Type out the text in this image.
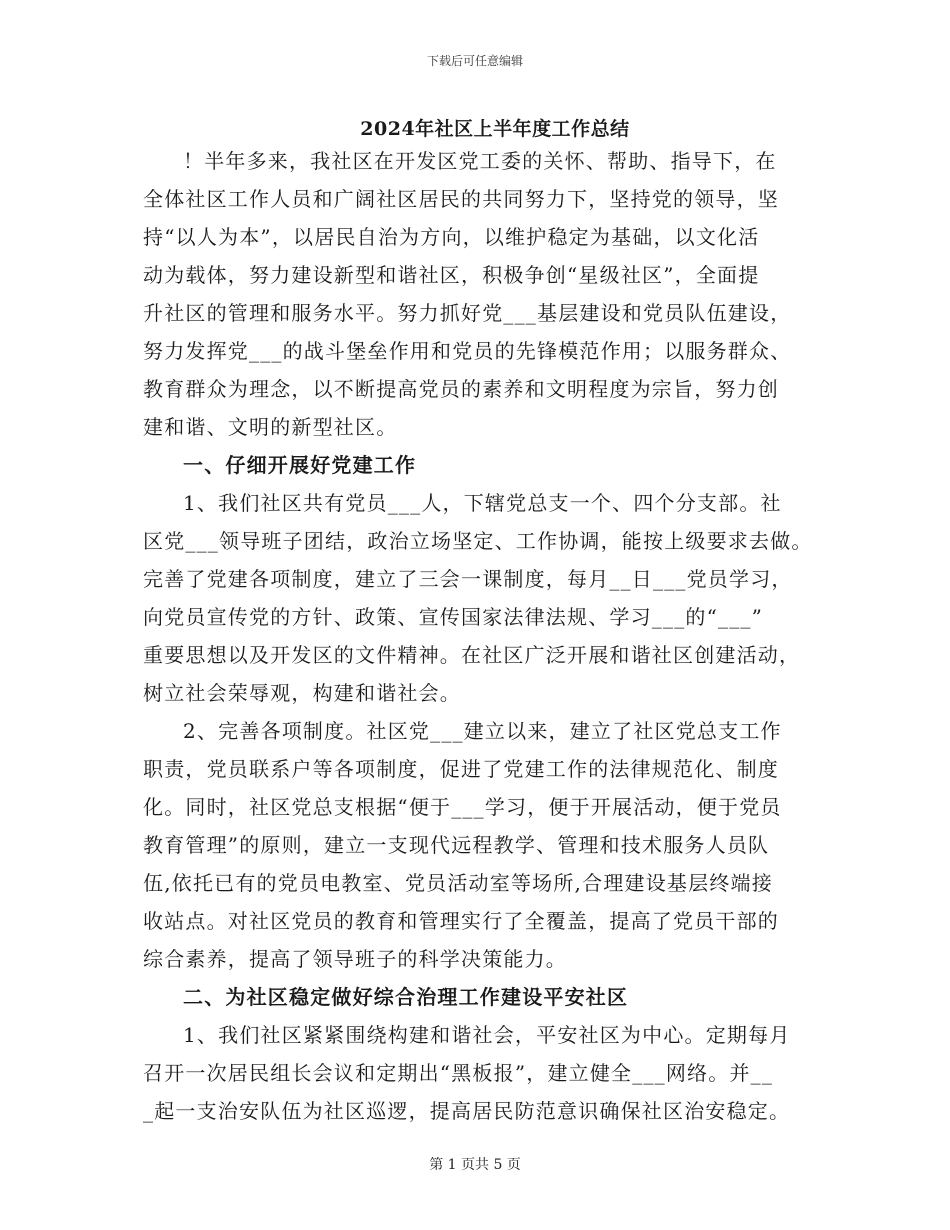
下载后可任意编辑
2024年社区上半年度工作总结
！半年多来，我社区在开发区党工委的关怀、帮助、指导下，在
全体社区工作人员和广阔社区居民的共同努力下，坚持党的领导，坚
持“以人为本”，以居民自治为方向，以维护稳定为基础，以文化活
动为载体，努力建设新型和谐社区，积极争创“星级社区”，全面提
升社区的管理和服务水平。努力抓好党___基层建设和党员队伍建设，
努力发挥党___的战斗堡垒作用和党员的先锋模范作用；以服务群众、
教育群众为理念，以不断提高党员的素养和文明程度为宗旨，努力创
建和谐、文明的新型社区。
一、仔细开展好党建工作
1、我们社区共有党员___人，下辖党总支一个、四个分支部。社
区党___领导班子团结，政治立场坚定、工作协调，能按上级要求去做。
完善了党建各项制度，建立了三会一课制度，每月__日___党员学习，
向党员宣传党的方针、政策、宣传国家法律法规、学习___的“___”
重要思想以及开发区的文件精神。在社区广泛开展和谐社区创建活动，
树立社会荣辱观，构建和谐社会。
2、完善各项制度。社区党___建立以来，建立了社区党总支工作
职责，党员联系户等各项制度，促进了党建工作的法律规范化、制度
化。同时，社区党总支根据“便于___学习，便于开展活动，便于党员
教育管理”的原则，建立一支现代远程教学、管理和技术服务人员队
伍,依托已有的党员电教室、党员活动室等场所,合理建设基层终端接
收站点。对社区党员的教育和管理实行了全覆盖，提高了党员干部的
综合素养，提高了领导班子的科学决策能力。
二、为社区稳定做好综合治理工作建设平安社区
1、我们社区紧紧围绕构建和谐社会，平安社区为中心。定期每月
召开一次居民组长会议和定期出“黑板报”，建立健全___网络。并__
_起一支治安队伍为社区巡逻，提高居民防范意识确保社区治安稳定。
第 1 页共 5 页
